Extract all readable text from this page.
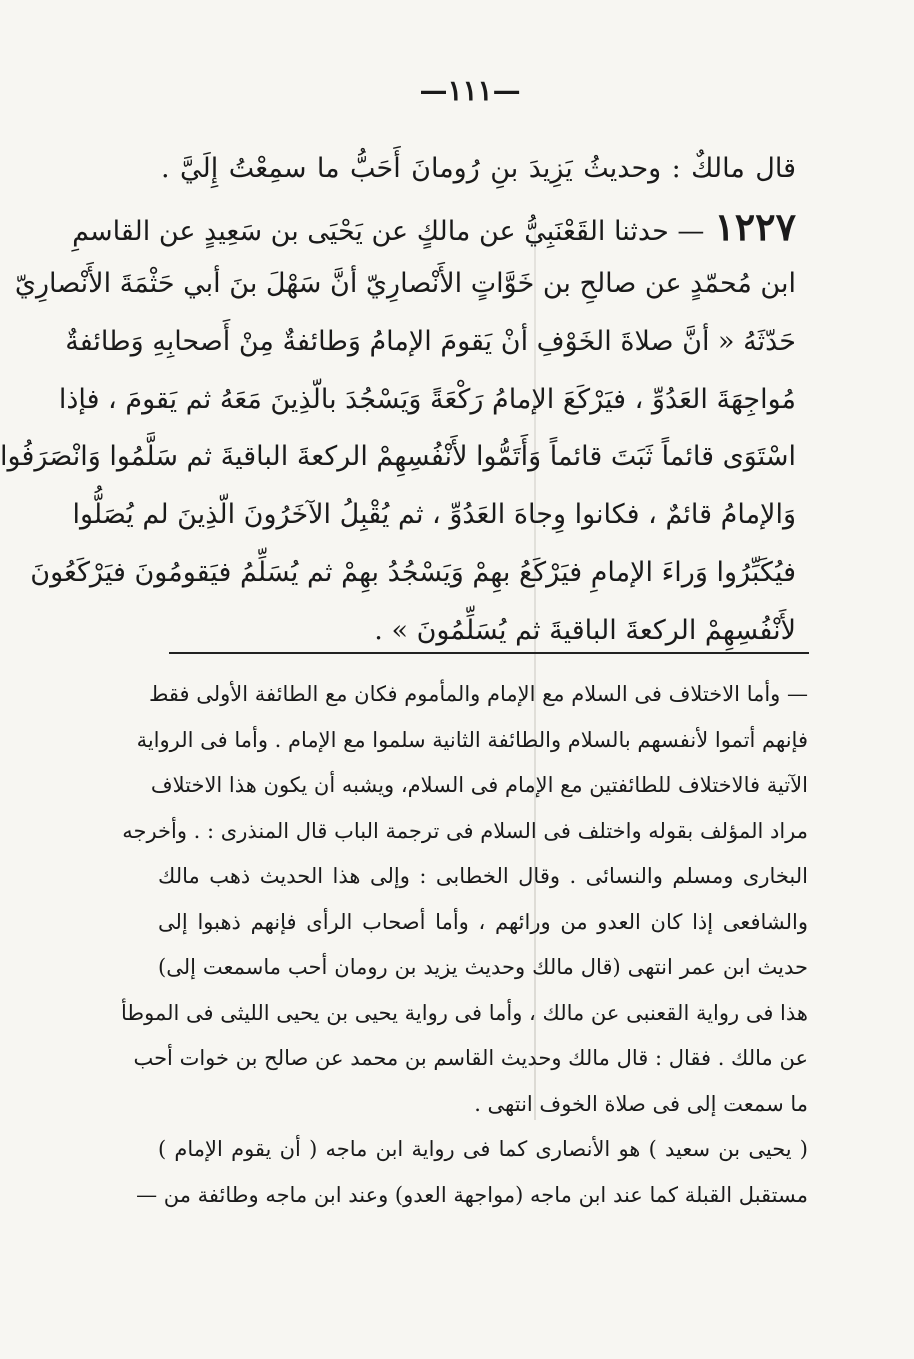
—١١١—
قال مالكٌ : وحديثُ يَزِيدَ بنِ رُومانَ أَحَبُّ ما سمِعْتُ إِلَيَّ .
١٢٢٧— حدثنا القَعْنَبِيُّ عن مالكٍ عن يَحْيَى بن سَعِيدٍ عن القاسمِ
ابن مُحمّدٍ عن صالحِ بن خَوَّاتٍ الأَنْصارِيّ أنَّ سَهْلَ بنَ أبي حَثْمَةَ الأَنْصارِيّ
حَدّثَهُ « أنَّ صلاةَ الخَوْفِ أنْ يَقومَ الإمامُ وَطائفةٌ مِنْ أَصحابِهِ وَطائفةٌ
مُواجِهَةَ العَدُوِّ ، فيَرْكَعَ الإمامُ رَكْعَةً وَيَسْجُدَ بالّذِينَ مَعَهُ ثم يَقومَ ، فإذا
اسْتَوَى قائماً ثَبَتَ قائماً وَأَتَمُّوا لأَنْفُسِهِمْ الركعةَ الباقيةَ ثم سَلَّمُوا وَانْصَرَفُوا
وَالإمامُ قائمٌ ، فكانوا وِجاهَ العَدُوِّ ، ثم يُقْبِلُ الآخَرُونَ الّذِينَ لم يُصَلُّوا
فيُكَبِّرُوا وَراءَ الإمامِ فيَرْكَعُ بهِمْ وَيَسْجُدُ بهِمْ ثم يُسَلِّمُ فيَقومُونَ فيَرْكَعُونَ
لأَنْفُسِهِمْ الركعةَ الباقيةَ ثم يُسَلِّمُونَ » .
— وأما الاختلاف فى السلام مع الإمام والمأموم فكان مع الطائفة الأولى فقط
فإنهم أتموا لأنفسهم بالسلام والطائفة الثانية سلموا مع الإمام . وأما فى الرواية
الآتية فالاختلاف للطائفتين مع الإمام فى السلام، ويشبه أن يكون هذا الاختلاف
مراد المؤلف بقوله واختلف فى السلام فى ترجمة الباب قال المنذرى : . وأخرجه
البخارى ومسلم والنسائى . وقال الخطابى : وإلى هذا الحديث ذهب مالك
والشافعى إذا كان العدو من ورائهم ، وأما أصحاب الرأى فإنهم ذهبوا إلى
حديث ابن عمر انتهى (قال مالك وحديث يزيد بن رومان أحب ماسمعت إلى)
هذا فى رواية القعنبى عن مالك ، وأما فى رواية يحيى بن يحيى الليثى فى الموطأ
عن مالك . فقال : قال مالك وحديث القاسم بن محمد عن صالح بن خوات أحب
ما سمعت إلى فى صلاة الخوف انتهى .
( يحيى بن سعيد ) هو الأنصارى كما فى رواية ابن ماجه ( أن يقوم الإمام )
مستقبل القبلة كما عند ابن ماجه (مواجهة العدو) وعند ابن ماجه وطائفة من —
